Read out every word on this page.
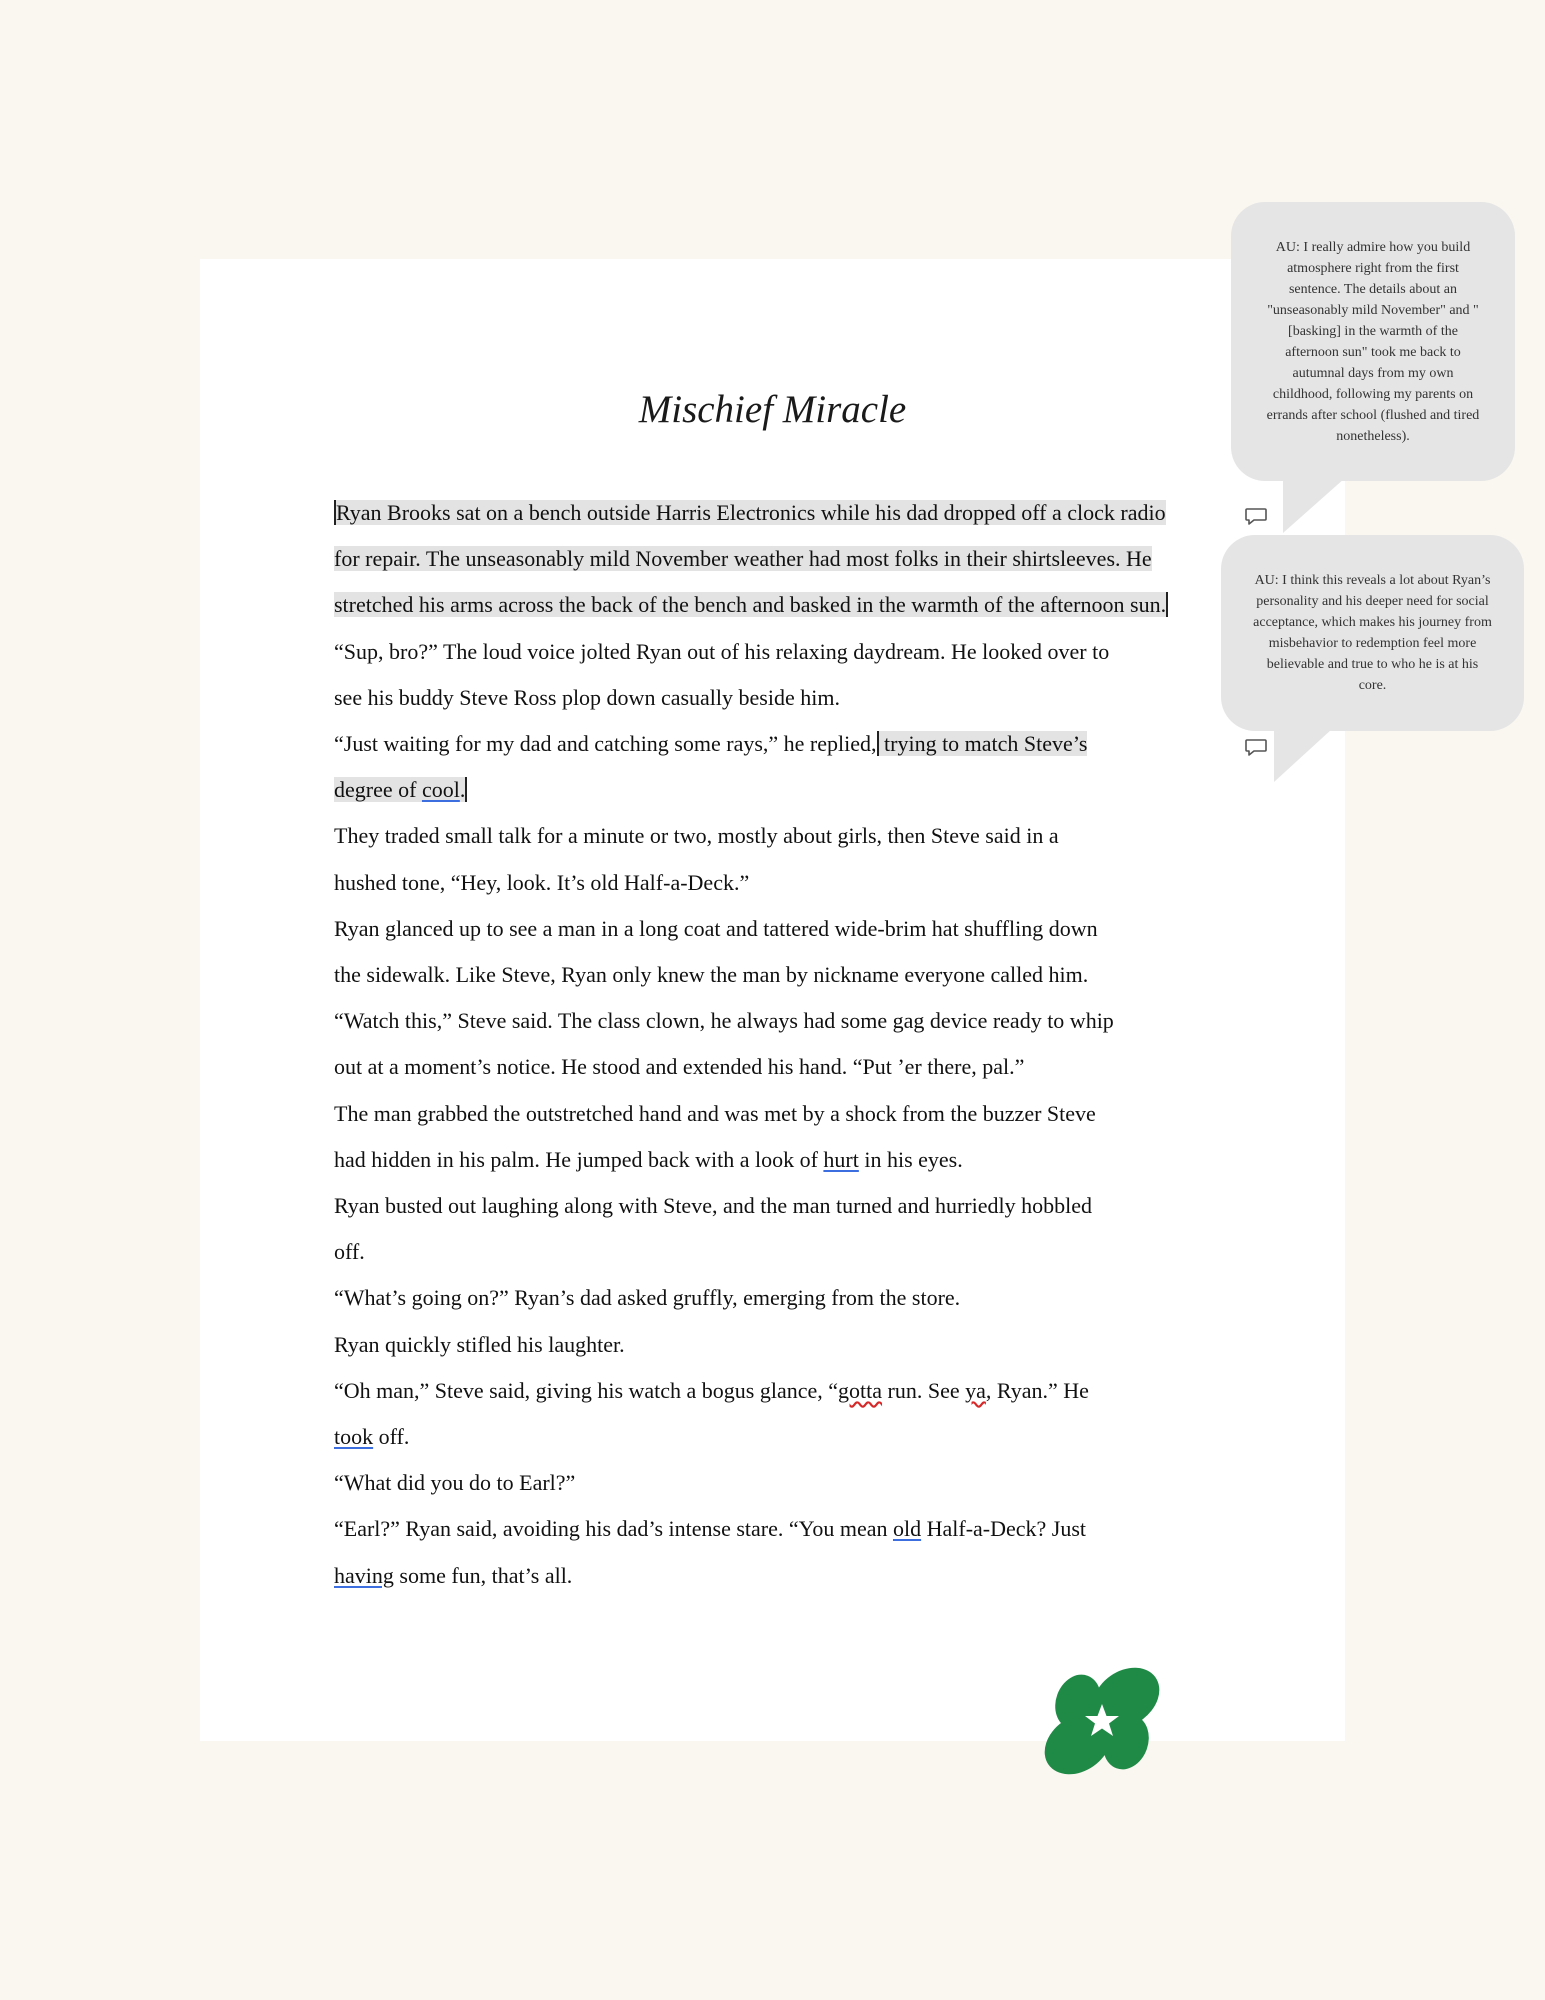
Mischief Miracle
Ryan Brooks sat on a bench outside Harris Electronics while his dad dropped off a clock radio
for repair. The unseasonably mild November weather had most folks in their shirtsleeves. He
stretched his arms across the back of the bench and basked in the warmth of the afternoon sun.
“Sup, bro?” The loud voice jolted Ryan out of his relaxing daydream. He looked over to
see his buddy Steve Ross plop down casually beside him.
“Just waiting for my dad and catching some rays,” he replied, trying to match Steve’s
degree of cool.
They traded small talk for a minute or two, mostly about girls, then Steve said in a
hushed tone, “Hey, look. It’s old Half-a-Deck.”
Ryan glanced up to see a man in a long coat and tattered wide-brim hat shuffling down
the sidewalk. Like Steve, Ryan only knew the man by nickname everyone called him.
“Watch this,” Steve said. The class clown, he always had some gag device ready to whip
out at a moment’s notice. He stood and extended his hand. “Put ’er there, pal.”
The man grabbed the outstretched hand and was met by a shock from the buzzer Steve
had hidden in his palm. He jumped back with a look of hurt in his eyes.
Ryan busted out laughing along with Steve, and the man turned and hurriedly hobbled
off.
“What’s going on?” Ryan’s dad asked gruffly, emerging from the store.
Ryan quickly stifled his laughter.
“Oh man,” Steve said, giving his watch a bogus glance, “gotta run. See ya, Ryan.” He
took off.
“What did you do to Earl?”
“Earl?” Ryan said, avoiding his dad’s intense stare. “You mean old Half-a-Deck? Just
having some fun, that’s all.
AU: I really admire how you build atmosphere right from the first sentence. The details about an "unseasonably mild November" and "[basking] in the warmth of the afternoon sun" took me back to autumnal days from my own childhood, following my parents on errands after school (flushed and tired nonetheless).
AU: I think this reveals a lot about Ryan’s personality and his deeper need for social acceptance, which makes his journey from misbehavior to redemption feel more believable and true to who he is at his core.
